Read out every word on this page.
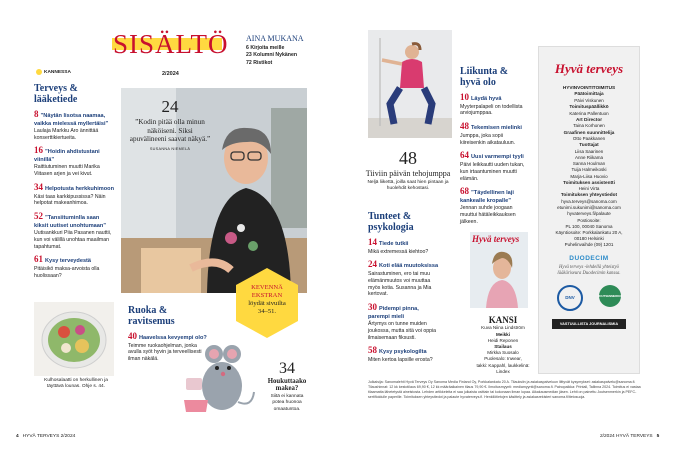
SISÄLTÖ
2/2024
AINA MUKANA
6 Kirjoita meille
23 Kolumni Nykänen
72 Ristikot
KANNESSA
Terveys & lääketiede
8 ”Näytän lisotsa naamaa, vaikka mielessä myllertäisi”
Laulaja Markku Aro ännittää konserttikiertueita.
16 ”Hoidin ahdistustani viinillä”
Raittiutuminen muutti Marika Viitasen arjen ja vei kivut.
34 Helpotusta herkkuhimoon
Käsi taas karkkipussissa? Näin helpotat makeanhimoa.
52 ”Tansiituminlla saan kiksit uutiset unohtumaan”
Uutisankkuri Piia Pasanen nauttii, kun voi välillä unohtaa maailman tapahtumat.
61 Kysy terveydestä
Pitäisikö maksa-arvoista olla huolissaan?
24
”Kodin pitää olla minun näköiseni. Siksi apuvälineeni saavat näkyä.”
SUSANNA NIEMELÄ
KEVENNÄ
EKSTRAN
löydät sivuilta
34–51.
Kulhosalaatti on herkullinen ja täyttävä lounas. Ohje s. 44.
Ruoka & ravitsemus
40 Haavelssa kevyempi olo?
Teimme ruokaohjelman, jonka avulla syöt hyvin ja terveellisesti ilman näkälä.
34
Houkuttaako makea?
Siitä ei kannata potea huonoa omaatuntoa.
4 HYVÄ TERVEYS 2/2024
Liikunta & hyvä olo
10 Läydä hyvä
Myyterpalapeli on todellista arviojumppaa.
48 Tekemisen mielinki
Jumppa, joka sopii kiireisenkin aikatauluun.
64 Uusi varmempi tyyli
Päivi leikkautti uuden tukan, kun irtaantuminen muutti elämän.
68 ”Täydellinen laji kankealle kropalle”
Jennan suhde joogaan muuttui hätäleikkauksen jälkeen.
48
Tiiviin päivän tehojumppa
Neljä liikettä, joilla saat hien pintaan ja huolehdit kehostasi.
Tunteet & psykologia
14 Tiede tutkii
Mikä extremessä kiehtoo?
24 Koti elää muutoksissa
Sairastuminen, ero tai muu elämänmuutos voi muuttaa myös kotia. Susanna ja Mia kertovat.
30 Pidempi pinna, parempi mieli
Ärtymys on tunne muiden joukossa, mutta sitä voi oppia ilmaisemaan fiksusti.
58 Kysy psykologilta
Miten kertoa lapsille erosta?
Hyvä terveys
KANSI
Kuva Niina Lindström
Meikki
Heidi Reponen
Stailaus
Mirkka Suosalo
Puolesalo: Inwear,
takki: Kappahl, laukkelinä:
Lindex
Hyvä terveys
HYVINVOINTITOIMITUS
Päätoimittaja
Päivi Viskunen
Toimituspäällikkö
Katerina Pallentuon
Art Director
Taina Korhonen
Graafinen suunnittelija
Otto Paakkanen
Tuottajat
Liisa Saarinen
Anne Riikama
Sanna Houlman
Tuija Halmeikoski
Marja-Liisa Huovio
Toimituksen assistentti
Heini Virta
Toimituksen yhteystiedot
hyva.terveys@sanoma.com
etunimi.sukunimi@sanoma.com
hyvaterveys.fi/palaute
Postiosoite:
PL 100, 00040 Sanoma
Käyntiosoite: Porkkalankatu 20 A,
00180 Helsinki
Puhelinvaihde (09) 1201
DUODECIM
Hyvä terveys -lehdellä yhteistyö lääkäriseura Duodecimin kanssa.
DNV	JOUTSENMERKKI
VASTUULLISTA JOURNALISMIA
Julkaisija: Sanomalehti Hyvä Terveys Oy Sanoma Media Finland Oy, Porkkalankatu 20 A. Tilauksiin ja asiakaspalveluun liittyvät kysymykset: asiakaspalvelu@sanoma.fi. Tilaushinnat: 12 kk kestotilaus 69,90 €, 12 kk määräaikainen tilaus 79,90 €. Ilmoitusmyynti: mediamyynti@sanoma.fi. Painopaikka: Printall, Tallinna 2024. Toimitus ei vastaa tilaamatta lähetetystä aineistosta. Lehden artikkeleita ei saa julkaista osittain tai kokonaan ilman lupaa. Aikakausmedian jäsen. Lehti on painettu Joutsenmerkin ja PEFC-sertifioidulle paperille. Toimituksen yhteystiedot ja palaute hyvaterveys.fi. Henkilötietojen käsittely ja asiakasrekisteri sanoma.fi/tietosuoja.
2/2024 HYVÄ TERVEYS 5
